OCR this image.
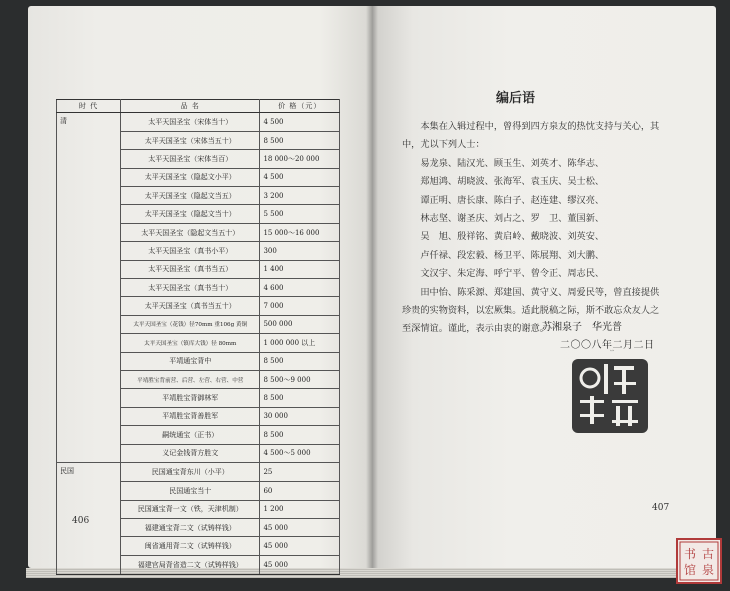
时 代	品 名	价 格（元）
清	太平天国圣宝（宋体当十）	4 500
	太平天国圣宝（宋体当五十）	8 500
	太平天国圣宝（宋体当百）	18 000～20 000
	太平天国圣宝（隐起文小平）	4 500
	太平天国圣宝（隐起文当五）	3 200
	太平天国圣宝（隐起文当十）	5 500
	太平天国圣宝（隐起文当五十）	15 000～16 000
	太平天国圣宝（真书小平）	300
	太平天国圣宝（真书当五）	1 400
	太平天国圣宝（真书当十）	4 600
	太平天国圣宝（真书当五十）	7 000
	太平天国圣宝（花钱）径70mm 重106g 黄铜	500 000
	太平天国圣宝（镇库大钱）径 80mm	1 000 000 以上
	平靖通宝背中	8 500
	平靖胜宝背前营、后营、左营、右营、中营	8 500～9 000
	平靖胜宝背御林军	8 500
	平靖胜宝背善胜军	30 000
	嗣统通宝（正书）	8 500
	义记金钱背方胜文	4 500～5 000
民国	民国通宝背东川（小平）	25
	民国通宝当十	60
	民国通宝背一文（铁，天津机制）	1 200
	福建通宝背二文（试铸样钱）	45 000
	闽省通用背二文（试铸样钱）	45 000
	福建官局背省造二文（试铸样钱）	45 000
406
编后语

　　本集在入辑过程中，曾得到四方泉友的热忱支持与关心，其

中，尤以下列人士：

　　易龙泉、陆汉光、顾玉生、刘英才、陈华志、

　　郑旭鸿、胡晓波、张海军、袁玉庆、吴士松、

　　谭正明、唐长康、陈白子、赵连建、缪汉亮、

　　林志坚、谢圣庆、刘占之、罗　卫、董国新、

　　吴　旭、殷祥铭、黄启岭、戴晓波、刘英安、

　　卢仟禄、段宏毅、杨卫平、陈展翔、刘大鹏、

　　文汉宇、朱定海、呼宁平、曾令正、周志民、

　　田中怡、陈采源、郑建国、黄守义、周爱民等，曾直接提供

珍贵的实物资料，以宏厥集。适此脱稿之际，斯不敢忘众友人之

至深情谊。谨此，表示由衷的谢意。

苏湘泉子　华光普
二〇〇八年二月二日
华光普印
407
古
泉
书
馆
